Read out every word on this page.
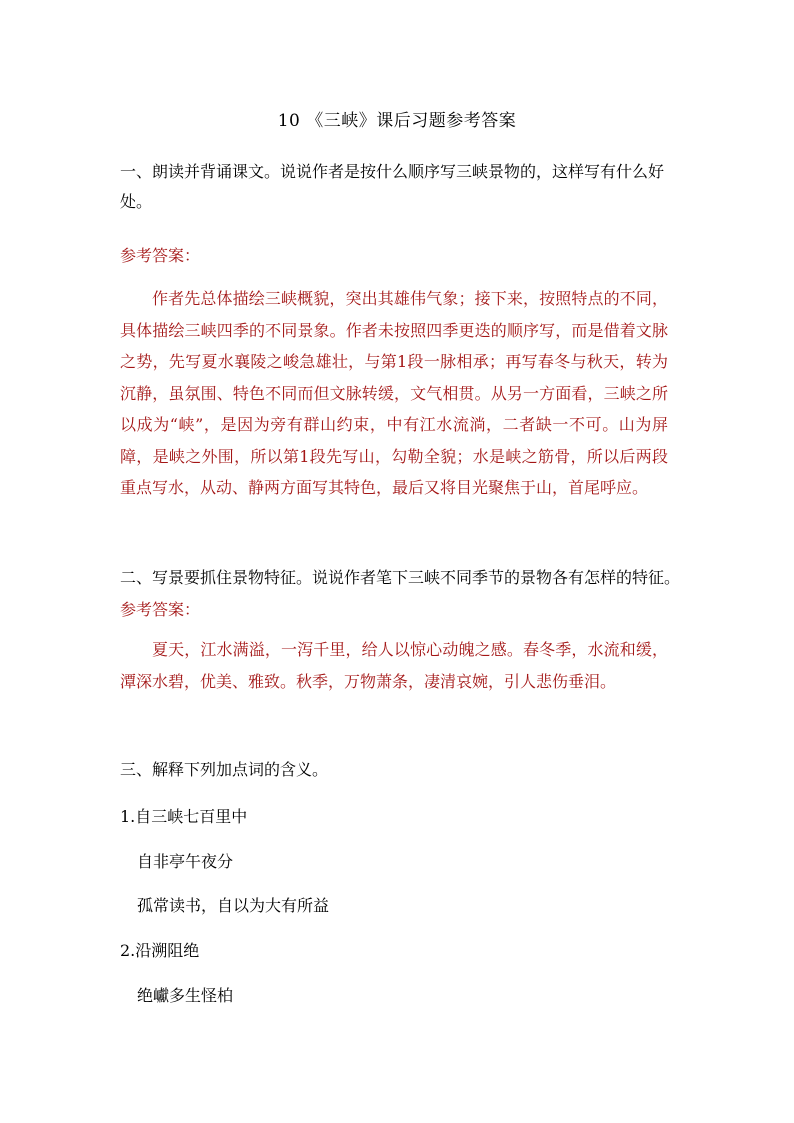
10 《三峡》课后习题参考答案
一、朗读并背诵课文。说说作者是按什么顺序写三峡景物的，这样写有什么好处。
参考答案：
作者先总体描绘三峡概貌，突出其雄伟气象；接下来，按照特点的不同，具体描绘三峡四季的不同景象。作者未按照四季更迭的顺序写，而是借着文脉之势，先写夏水襄陵之峻急雄壮，与第1段一脉相承；再写春冬与秋天，转为沉静，虽氛围、特色不同而但文脉转缓，文气相贯。从另一方面看，三峡之所以成为“峡”，是因为旁有群山约束，中有江水流淌，二者缺一不可。山为屏障，是峡之外围，所以第1段先写山，勾勒全貌；水是峡之筋骨，所以后两段重点写水，从动、静两方面写其特色，最后又将目光聚焦于山，首尾呼应。
二、写景要抓住景物特征。说说作者笔下三峡不同季节的景物各有怎样的特征。
参考答案：
夏天，江水满溢，一泻千里，给人以惊心动魄之感。春冬季，水流和缓，潭深水碧，优美、雅致。秋季，万物萧条，凄清哀婉，引人悲伤垂泪。
三、解释下列加点词的含义。
1.自三峡七百里中
自非亭午夜分
孤常读书，自以为大有所益
2.沿溯阻绝
绝巘多生怪柏
